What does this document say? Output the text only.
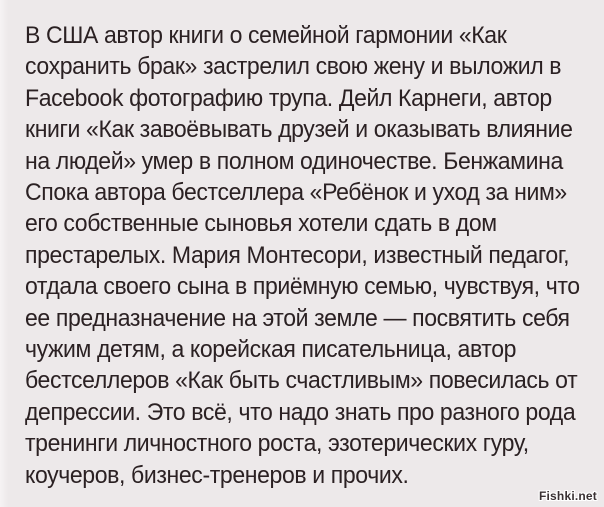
В США автор книги о семейной гармонии «Как
сохранить брак» застрелил свою жену и выложил в
Facebook фотографию трупа. Дейл Карнеги, автор
книги «Как завоёвывать друзей и оказывать влияние
на людей» умер в полном одиночестве. Бенжамина
Спока автора бестселлера «Ребёнок и уход за ним»
его собственные сыновья хотели сдать в дом
престарелых. Мария Монтесори, известный педагог,
отдала своего сына в приёмную семью, чувствуя, что
ее предназначение на этой земле — посвятить себя
чужим детям, а корейская писательница, автор
бестселлеров «Как быть счастливым» повесилась от
депрессии. Это всё, что надо знать про разного рода
тренинги личностного роста, эзотерических гуру,
коучеров, бизнес-тренеров и прочих.
Fishki.net
